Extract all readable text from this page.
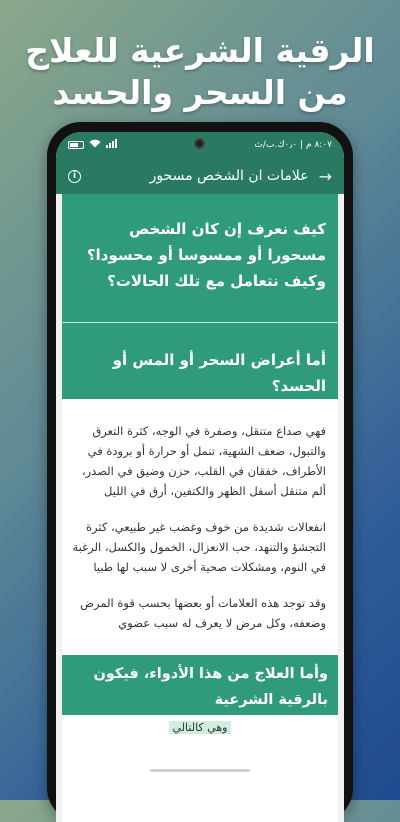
الرقية الشرعية للعلاج
من السحر والحسد
٨:٠٧ م | ٠٫٠ك.ب/ث
i	علامات ان الشخص مسحور →
كيف نعرف إن كان الشخص مسحورا أو ممسوسا أو محسودا؟ وكيف نتعامل مع تلك الحالات؟
أما أعراض السحر أو المس أو الحسد؟
فهي صداع متنقل، وصفرة في الوجه، كثرة التعرق والتبول، ضعف الشهية، تنمل أو حرارة أو برودة في الأطراف، خفقان في القلب، حزن وضيق في الصدر، ألم متنقل أسفل الظهر والكتفين، أرق في الليل
انفعالات شديدة من خوف وغضب غير طبيعي، كثرة التجشؤ والتنهد، حب الانعزال، الخمول والكسل، الرغبة في النوم، ومشكلات صحية أخرى لا سبب لها طبيا
وقد توجد هذه العلامات أو بعضها بحسب قوة المرض وضعفه، وكل مرض لا يعرف له سبب عضوي
وأما العلاج من هذا الأدواء، فيكون بالرقية الشرعية
وهي كالتالي
